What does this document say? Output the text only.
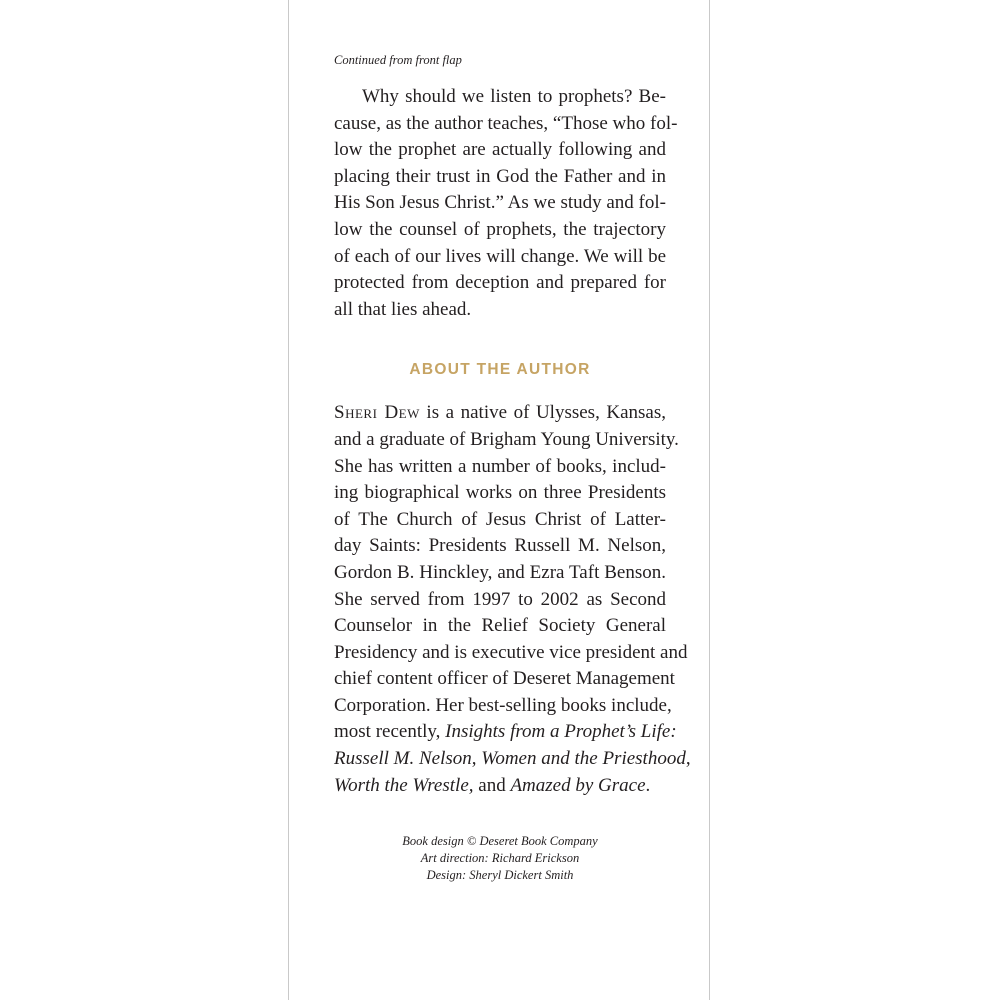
Continued from front flap
Why should we listen to prophets? Be-
cause, as the author teaches, “Those who fol-
low the prophet are actually following and
placing their trust in God the Father and in
His Son Jesus Christ.” As we study and fol-
low the counsel of prophets, the trajectory
of each of our lives will change. We will be
protected from deception and prepared for
all that lies ahead.
ABOUT THE AUTHOR
Sheri Dew is a native of Ulysses, Kansas,
and a graduate of Brigham Young University.
She has written a number of books, includ-
ing biographical works on three Presidents
of The Church of Jesus Christ of Latter-
day Saints: Presidents Russell M. Nelson,
Gordon B. Hinckley, and Ezra Taft Benson.
She served from 1997 to 2002 as Second
Counselor in the Relief Society General
Presidency and is executive vice president and
chief content officer of Deseret Management
Corporation. Her best-selling books include,
most recently, Insights from a Prophet’s Life:
Russell M. Nelson, Women and the Priesthood,
Worth the Wrestle, and Amazed by Grace.
Book design © Deseret Book Company
Art direction: Richard Erickson
Design: Sheryl Dickert Smith
